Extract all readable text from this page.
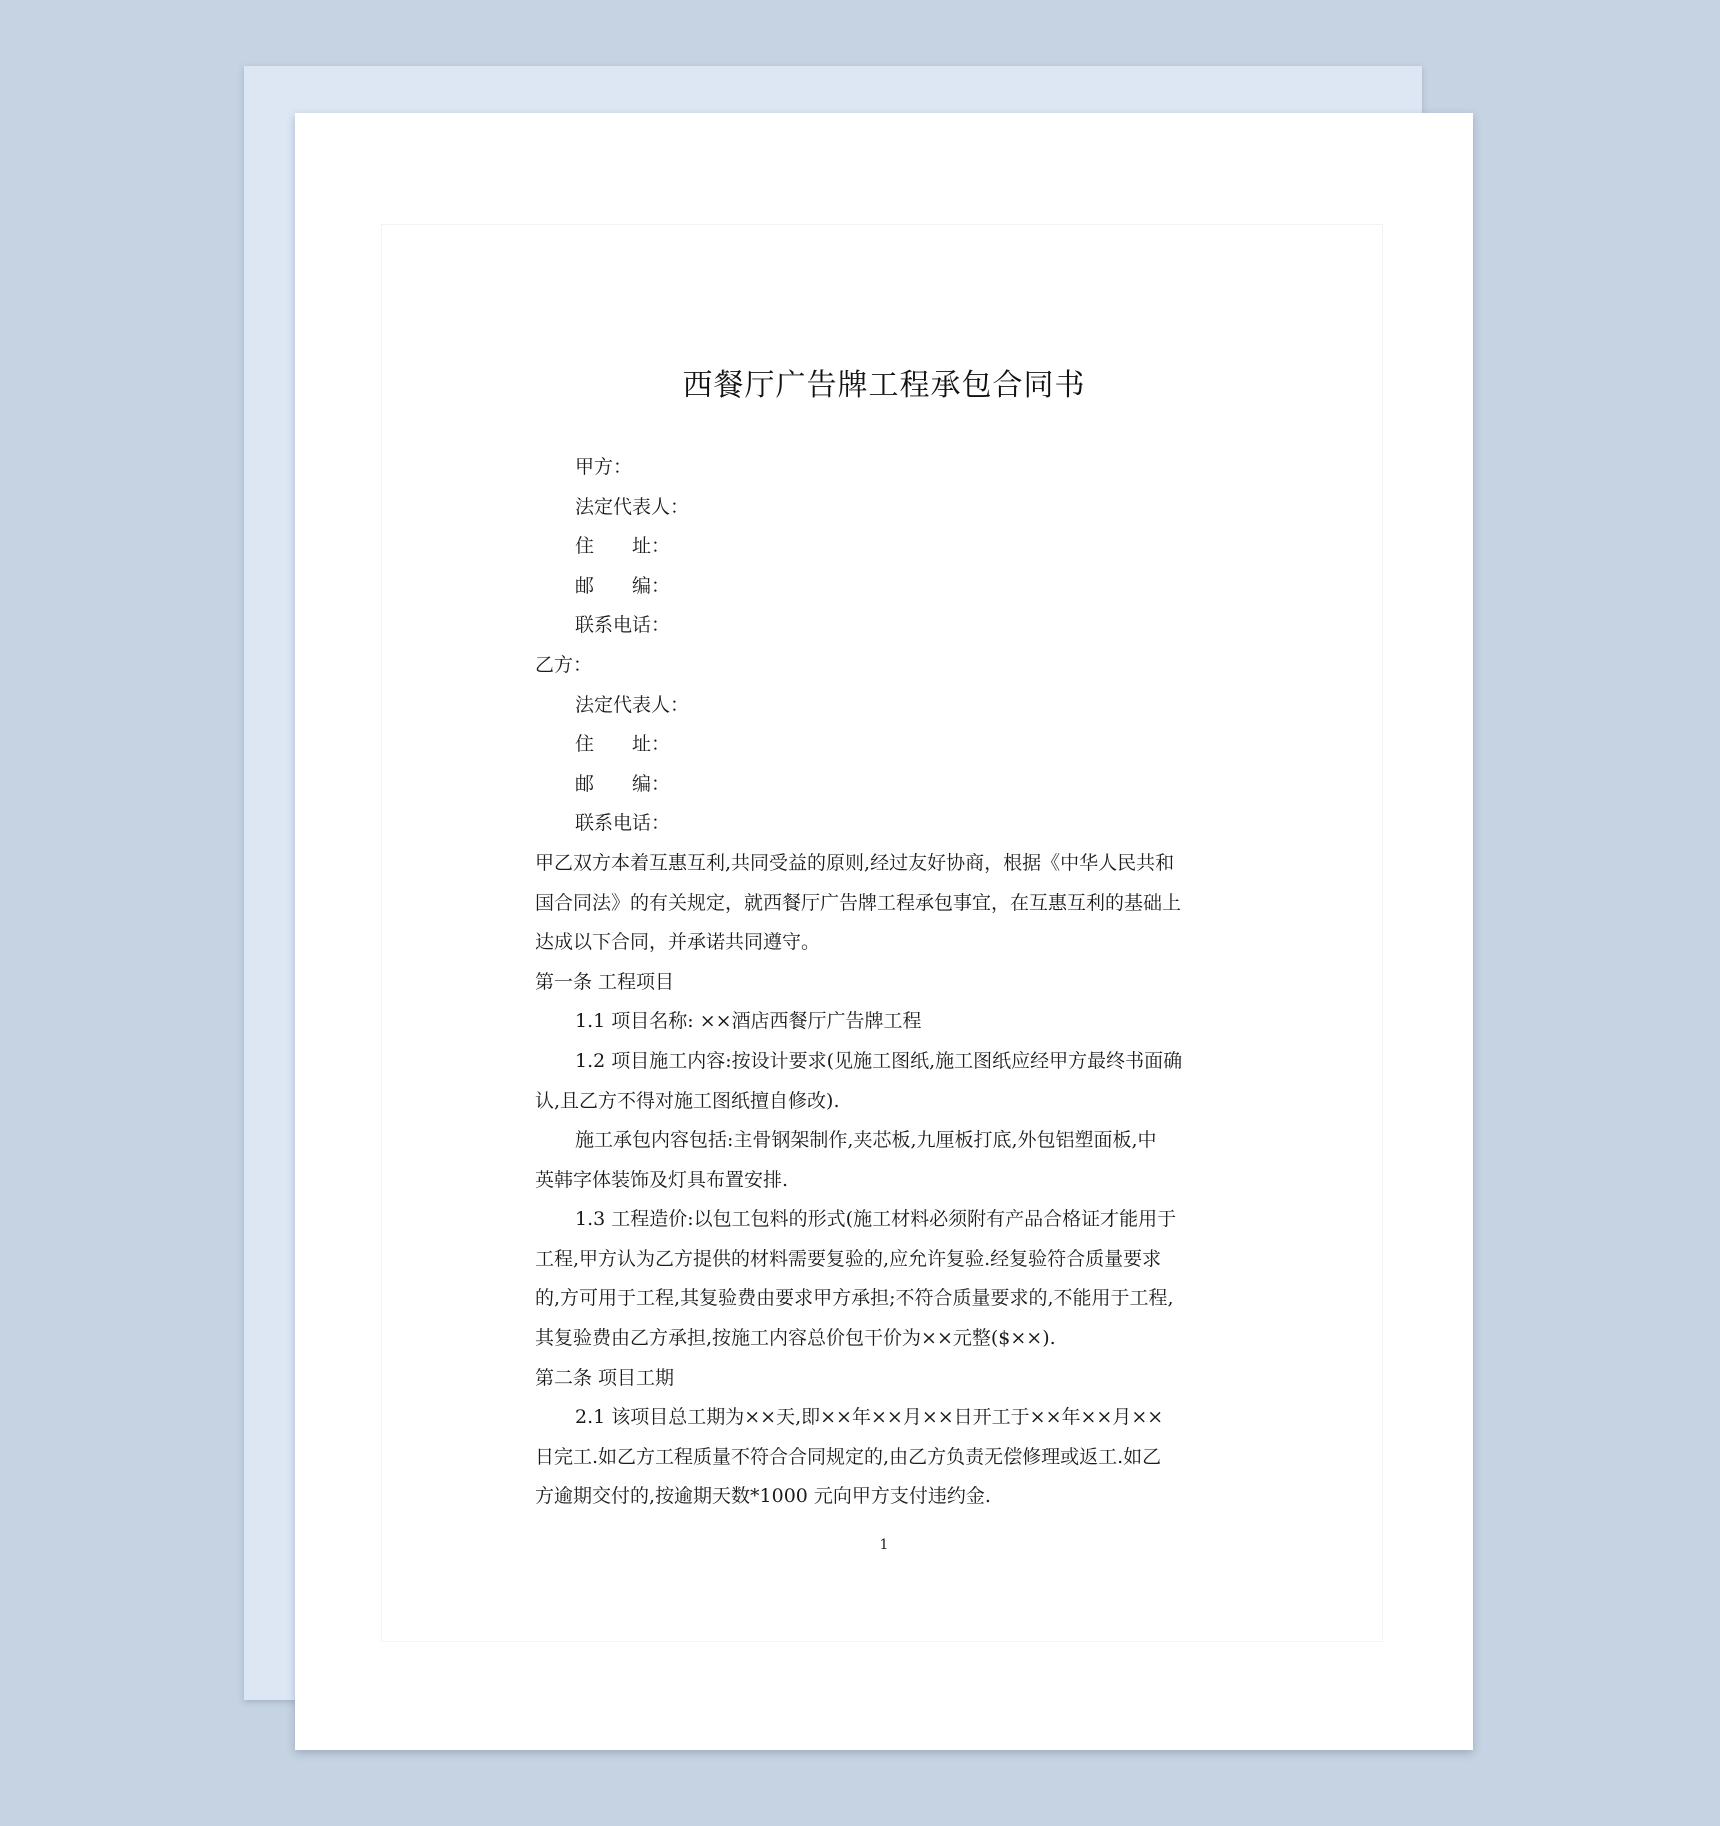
西餐厅广告牌工程承包合同书
甲方：
法定代表人：
住　　址：
邮　　编：
联系电话：
乙方：
法定代表人：
住　　址：
邮　　编：
联系电话：
甲乙双方本着互惠互利,共同受益的原则,经过友好协商，根据《中华人民共和
国合同法》的有关规定，就西餐厅广告牌工程承包事宜，在互惠互利的基础上
达成以下合同，并承诺共同遵守。
第一条 工程项目
1.1 项目名称: ××酒店西餐厅广告牌工程
1.2 项目施工内容:按设计要求(见施工图纸,施工图纸应经甲方最终书面确
认,且乙方不得对施工图纸擅自修改).
施工承包内容包括:主骨钢架制作,夹芯板,九厘板打底,外包铝塑面板,中
英韩字体装饰及灯具布置安排.
1.3 工程造价:以包工包料的形式(施工材料必须附有产品合格证才能用于
工程,甲方认为乙方提供的材料需要复验的,应允许复验.经复验符合质量要求
的,方可用于工程,其复验费由要求甲方承担;不符合质量要求的,不能用于工程,
其复验费由乙方承担,按施工内容总价包干价为××元整($××).
第二条 项目工期
2.1 该项目总工期为××天,即××年××月××日开工于××年××月××
日完工.如乙方工程质量不符合合同规定的,由乙方负责无偿修理或返工.如乙
方逾期交付的,按逾期天数*1000 元向甲方支付违约金.
1
